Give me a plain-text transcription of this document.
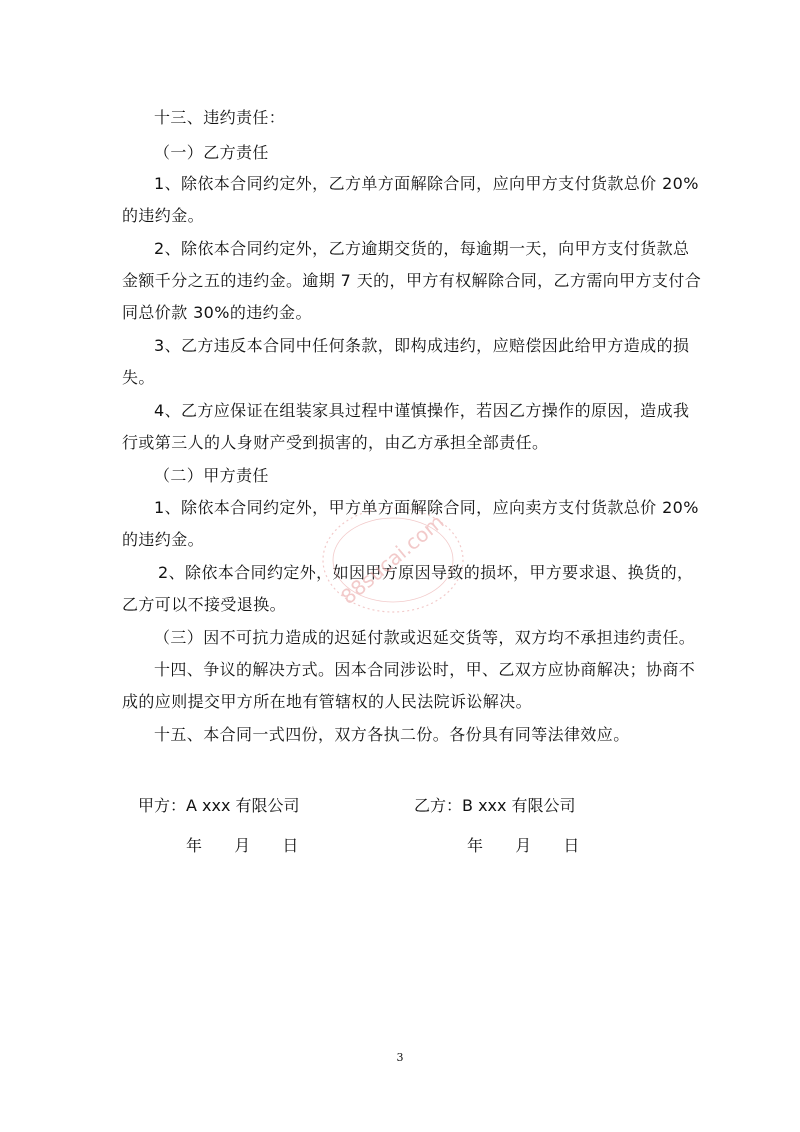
十三、违约责任：
（一）乙方责任
1、除依本合同约定外，乙方单方面解除合同，应向甲方支付货款总价 20%
的违约金。
2、除依本合同约定外，乙方逾期交货的，每逾期一天，向甲方支付货款总
金额千分之五的违约金。逾期 7 天的，甲方有权解除合同，乙方需向甲方支付合
同总价款 30%的违约金。
3、乙方违反本合同中任何条款，即构成违约，应赔偿因此给甲方造成的损
失。
4、乙方应保证在组装家具过程中谨慎操作，若因乙方操作的原因，造成我
行或第三人的人身财产受到损害的，由乙方承担全部责任。
（二）甲方责任
1、除依本合同约定外，甲方单方面解除合同，应向卖方支付货款总价 20%
的违约金。
2、除依本合同约定外，如因甲方原因导致的损坏，甲方要求退、换货的，
乙方可以不接受退换。
（三）因不可抗力造成的迟延付款或迟延交货等，双方均不承担违约责任。
十四、争议的解决方式。因本合同涉讼时，甲、乙双方应协商解决；协商不
成的应则提交甲方所在地有管辖权的人民法院诉讼解决。
十五、本合同一式四份，双方各执二份。各份具有同等法律效应。
甲方：A xxx 有限公司	乙方：B xxx 有限公司
年 月 日	年 月 日
88sucai.com
3
